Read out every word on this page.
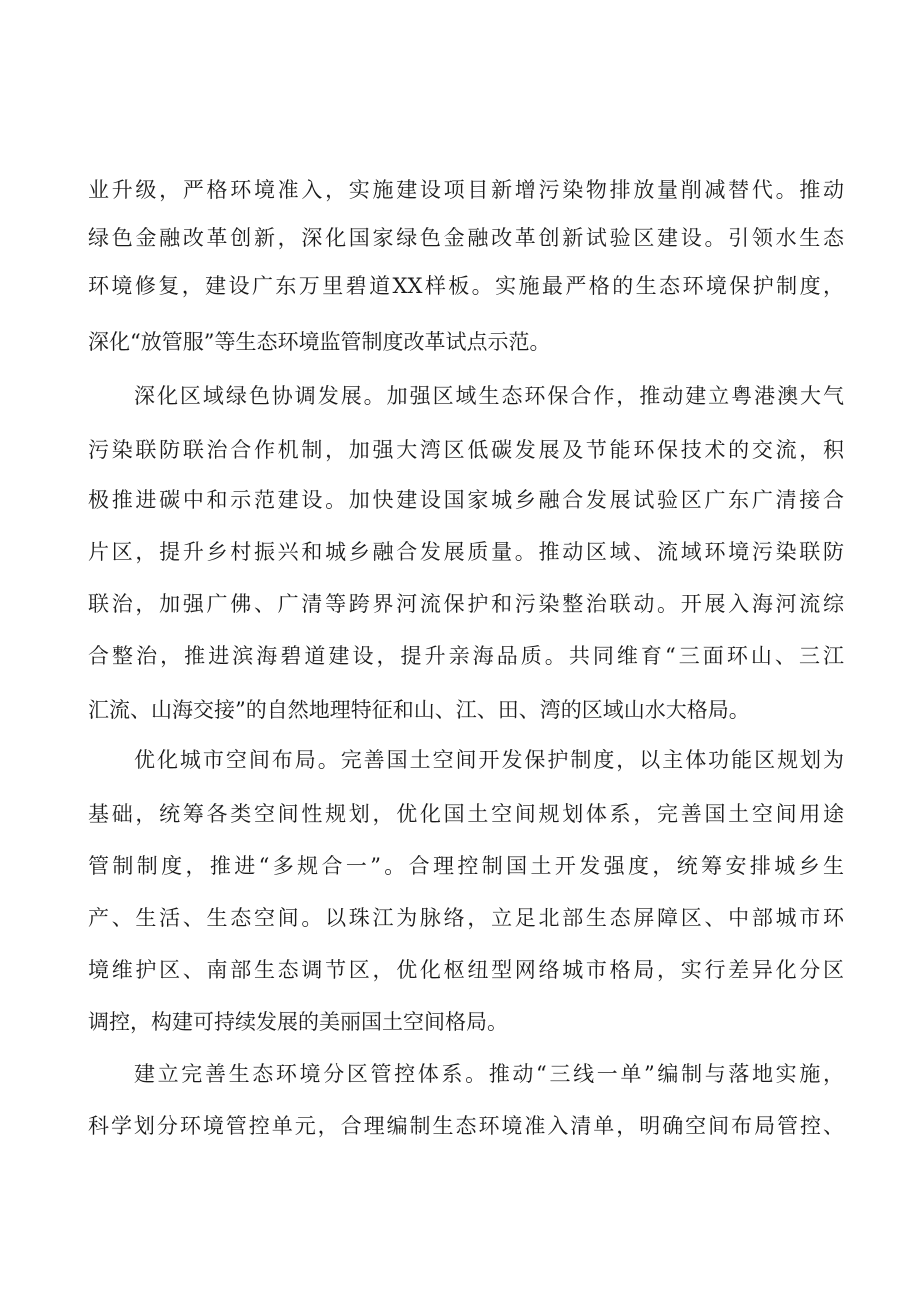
业升级，严格环境准入，实施建设项目新增污染物排放量削减替代。推动
绿色金融改革创新，深化国家绿色金融改革创新试验区建设。引领水生态
环境修复，建设广东万里碧道XX样板。实施最严格的生态环境保护制度，
深化“放管服”等生态环境监管制度改革试点示范。
深化区域绿色协调发展。加强区域生态环保合作，推动建立粤港澳大气
污染联防联治合作机制，加强大湾区低碳发展及节能环保技术的交流，积
极推进碳中和示范建设。加快建设国家城乡融合发展试验区广东广清接合
片区，提升乡村振兴和城乡融合发展质量。推动区域、流域环境污染联防
联治，加强广佛、广清等跨界河流保护和污染整治联动。开展入海河流综
合整治，推进滨海碧道建设，提升亲海品质。共同维育“三面环山、三江
汇流、山海交接”的自然地理特征和山、江、田、湾的区域山水大格局。
优化城市空间布局。完善国土空间开发保护制度，以主体功能区规划为
基础，统筹各类空间性规划，优化国土空间规划体系，完善国土空间用途
管制制度，推进“多规合一”。合理控制国土开发强度，统筹安排城乡生
产、生活、生态空间。以珠江为脉络，立足北部生态屏障区、中部城市环
境维护区、南部生态调节区，优化枢纽型网络城市格局，实行差异化分区
调控，构建可持续发展的美丽国土空间格局。
建立完善生态环境分区管控体系。推动“三线一单”编制与落地实施，
科学划分环境管控单元，合理编制生态环境准入清单，明确空间布局管控、
